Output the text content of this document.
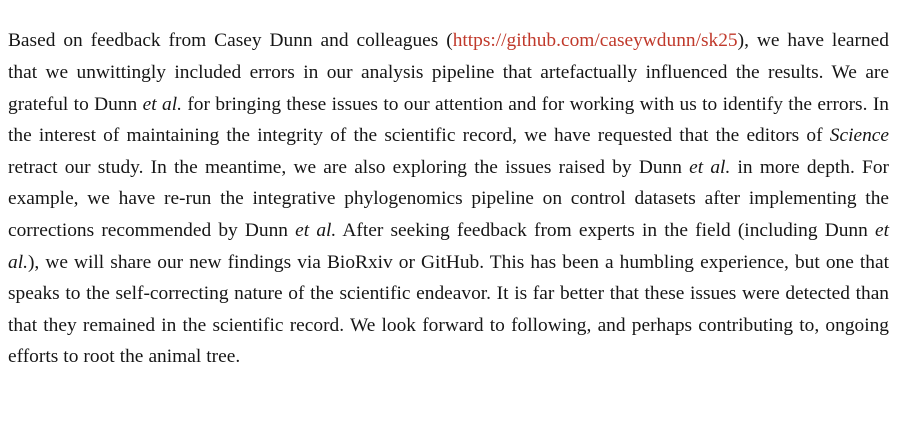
Based on feedback from Casey Dunn and colleagues (https://github.com/caseywdunn/sk25), we have learned that we unwittingly included errors in our analysis pipeline that artefactually influenced the results. We are grateful to Dunn et al. for bringing these issues to our attention and for working with us to identify the errors. In the interest of maintaining the integrity of the scientific record, we have requested that the editors of Science retract our study. In the meantime, we are also exploring the issues raised by Dunn et al. in more depth. For example, we have re-run the integrative phylogenomics pipeline on control datasets after implementing the corrections recommended by Dunn et al. After seeking feedback from experts in the field (including Dunn et al.), we will share our new findings via BioRxiv or GitHub. This has been a humbling experience, but one that speaks to the self-correcting nature of the scientific endeavor. It is far better that these issues were detected than that they remained in the scientific record. We look forward to following, and perhaps contributing to, ongoing efforts to root the animal tree.
